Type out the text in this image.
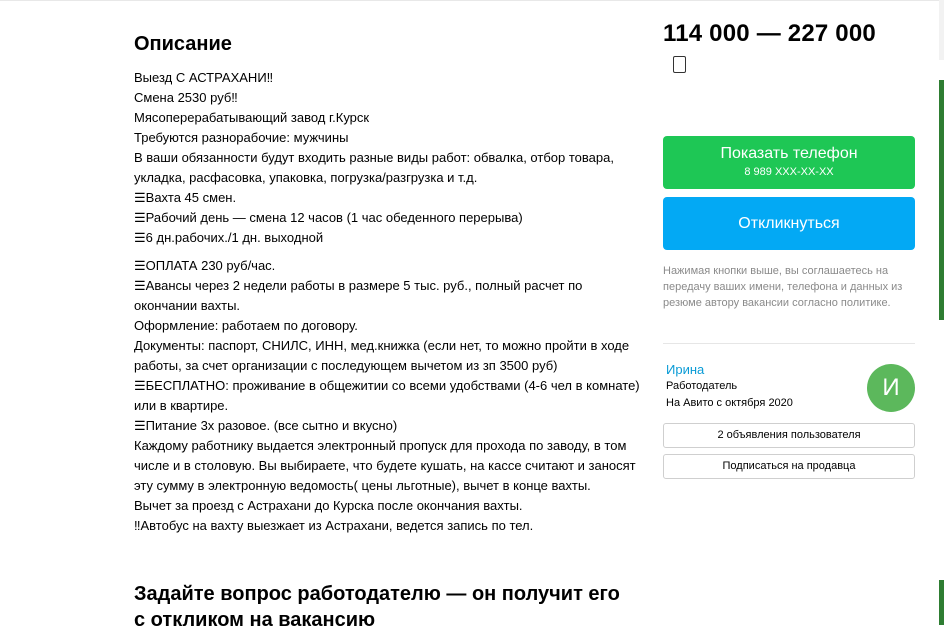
Описание

Выезд С АСТРАХАНИ‼

Смена 2530 руб‼

Мясоперерабатывающий завод г.Курск

Требуются разнорабочие: мужчины

В ваши обязанности будут входить разные виды работ: обвалка, отбор товара, укладка, расфасовка, упаковка, погрузка/разгрузка и т.д.

☰Вахта 45 смен.

☰Рабочий день — смена 12 часов (1 час обеденного перерыва)

☰6 дн.рабочих./1 дн. выходной

☰ОПЛАТА 230 руб/час.

☰Авансы через 2 недели работы в размере 5 тыс. руб., полный расчет по окончании вахты.

Оформление: работаем по договору.

Документы: паспорт, СНИЛС, ИНН, мед.книжка (если нет, то можно пройти в ходе работы, за счет организации с последующем вычетом из зп 3500 руб)

☰БЕСПЛАТНО: проживание в общежитии со всеми удобствами (4-6 чел в комнате) или в квартире.

☰Питание 3х разовое. (все сытно и вкусно)

Каждому работнику выдается электронный пропуск для прохода по заводу, в том числе и в столовую. Вы выбираете, что будете кушать, на кассе считают и заносят эту сумму в электронную ведомость( цены льготные), вычет в конце вахты.

Вычет за проезд с Астрахани до Курска после окончания вахты.

‼Автобус на вахту выезжает из Астрахани, ведется запись по тел.

Задайте вопрос работодателю — он получит его с откликом на вакансию
114 000 — 227 000
Показать телефон
8 989 XXX-XX-XX
Откликнуться
Нажимая кнопки выше, вы соглашаетесь на передачу ваших имени, телефона и данных из резюме автору вакансии согласно политике.
Ирина
Работодатель
На Авито с октября 2020
И
2 объявления пользователя
Подписаться на продавца
